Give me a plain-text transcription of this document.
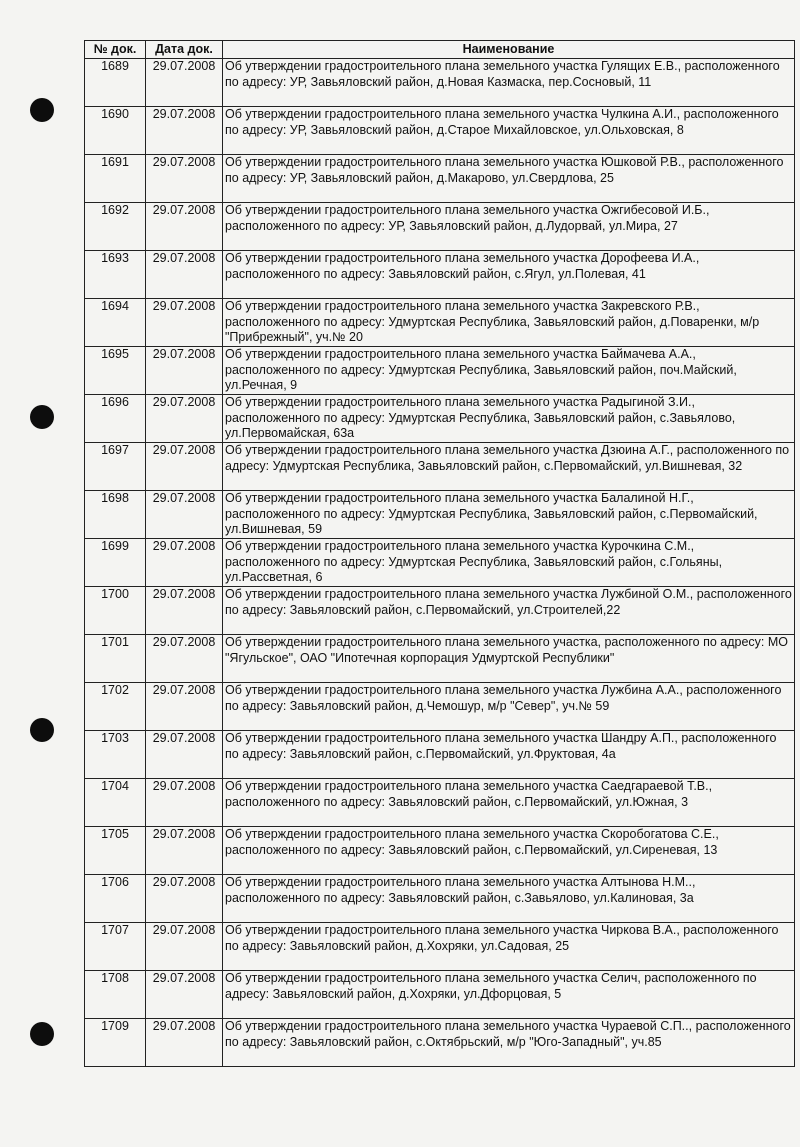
№ док.	Дата док.	Наименование
1689	29.07.2008	Об утверждении градостроительного плана земельного участка Гулящих Е.В., расположенного по адресу: УР, Завьяловский район, д.Новая Казмаска, пер.Сосновый, 11
1690	29.07.2008	Об утверждении градостроительного плана земельного участка Чулкина А.И., расположенного по адресу: УР, Завьяловский район, д.Старое Михайловское, ул.Ольховская, 8
1691	29.07.2008	Об утверждении градостроительного плана земельного участка Юшковой Р.В., расположенного по адресу: УР, Завьяловский район, д.Макарово, ул.Свердлова, 25
1692	29.07.2008	Об утверждении градостроительного плана земельного участка Ожгибесовой И.Б., расположенного по адресу: УР, Завьяловский район, д.Лудорвай, ул.Мира, 27
1693	29.07.2008	Об утверждении градостроительного плана земельного участка Дорофеева И.А., расположенного по адресу: Завьяловский район, с.Ягул, ул.Полевая, 41
1694	29.07.2008	Об утверждении градостроительного плана земельного участка Закревского Р.В., расположенного по адресу: Удмуртская Республика, Завьяловский район, д.Поваренки, м/р "Прибрежный", уч.№ 20
1695	29.07.2008	Об утверждении градостроительного плана земельного участка Баймачева А.А., расположенного по адресу: Удмуртская Республика, Завьяловский район, поч.Майский, ул.Речная, 9
1696	29.07.2008	Об утверждении градостроительного плана земельного участка Радыгиной З.И., расположенного по адресу: Удмуртская Республика, Завьяловский район, с.Завьялово, ул.Первомайская, 63а
1697	29.07.2008	Об утверждении градостроительного плана земельного участка Дзюина А.Г., расположенного по адресу: Удмуртская Республика, Завьяловский район, с.Первомайский, ул.Вишневая, 32
1698	29.07.2008	Об утверждении градостроительного плана земельного участка Балалиной Н.Г., расположенного по адресу: Удмуртская Республика, Завьяловский район, с.Первомайский, ул.Вишневая, 59
1699	29.07.2008	Об утверждении градостроительного плана земельного участка Курочкина С.М., расположенного по адресу: Удмуртская Республика, Завьяловский район, с.Гольяны, ул.Рассветная, 6
1700	29.07.2008	Об утверждении градостроительного плана земельного участка Лужбиной О.М., расположенного по адресу: Завьяловский район, с.Первомайский, ул.Строителей,22
1701	29.07.2008	Об утверждении градостроительного плана земельного участка, расположенного по адресу: МО "Ягульское", ОАО "Ипотечная корпорация Удмуртской Республики"
1702	29.07.2008	Об утверждении градостроительного плана земельного участка Лужбина А.А., расположенного по адресу: Завьяловский район, д.Чемошур, м/р "Север", уч.№ 59
1703	29.07.2008	Об утверждении градостроительного плана земельного участка Шандру А.П., расположенного по адресу: Завьяловский район, с.Первомайский, ул.Фруктовая, 4а
1704	29.07.2008	Об утверждении градостроительного плана земельного участка Саедгараевой Т.В., расположенного по адресу: Завьяловский район, с.Первомайский, ул.Южная, 3
1705	29.07.2008	Об утверждении градостроительного плана земельного участка Скоробогатова С.Е., расположенного по адресу: Завьяловский район, с.Первомайский, ул.Сиреневая, 13
1706	29.07.2008	Об утверждении градостроительного плана земельного участка Алтынова Н.М.., расположенного по адресу: Завьяловский район, с.Завьялово, ул.Калиновая, 3а
1707	29.07.2008	Об утверждении градостроительного плана земельного участка Чиркова В.А., расположенного по адресу: Завьяловский район, д.Хохряки, ул.Садовая, 25
1708	29.07.2008	Об утверждении градостроительного плана земельного участка Селич, расположенного по адресу: Завьяловский район, д.Хохряки, ул.Дфорцовая, 5
1709	29.07.2008	Об утверждении градостроительного плана земельного участка Чураевой С.П.., расположенного по адресу: Завьяловский район, с.Октябрьский, м/р "Юго-Западный", уч.85
